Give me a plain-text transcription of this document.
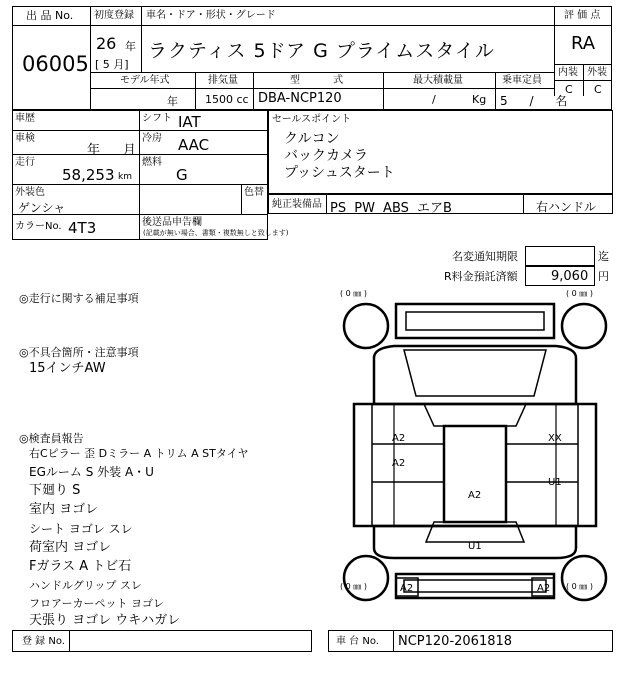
出 品 No.
06005
初度登録
26 年
[ 5 月]
車名・ドア・形状・グレード
ラクティス 5ドア G プライムスタイル
評 価 点
RA
内装 外装
C C
モデル年式	排気量	型 式	最大積載量	乗車定員
年 1500 cc DBA-NCP120	/	Kg 5 / 名
車歴
車検
年 月
走行
58,253 km
シフト IAT
冷房 AAC
燃料
G
外装色
ゲンシャ
色替
カラーNo. 4T3	後送品申告欄
(記載が無い場合、書類・複数無しと致します)
セールスポイント
クルコン
バックカメラ
プッシュスタート
純正装備品 PS PW ABS エアB	右ハンドル
名変通知期限	迄
R料金預託済額	9,060 円
◎走行に関する補足事項
◎不具合箇所・注意事項
15インチAW
◎検査員報告
右Cピラー 歪 Dミラー A トリム A STタイヤ
EGルーム S 外装 A・U
下廻り S
室内 ヨゴレ
シート ヨゴレ スレ
荷室内 ヨゴレ
Fガラス A トビ石
ハンドルグリップ スレ
フロアーカーペット ヨゴレ
天張り ヨゴレ ウキハガレ
A2
A2
XX
U1
A2
U1
A2	A2
( 0 ㎜ )	( 0 ㎜ )
( 0 ㎜ )	( 0 ㎜ )
登 録 No.	車 台 No. NCP120-2061818
